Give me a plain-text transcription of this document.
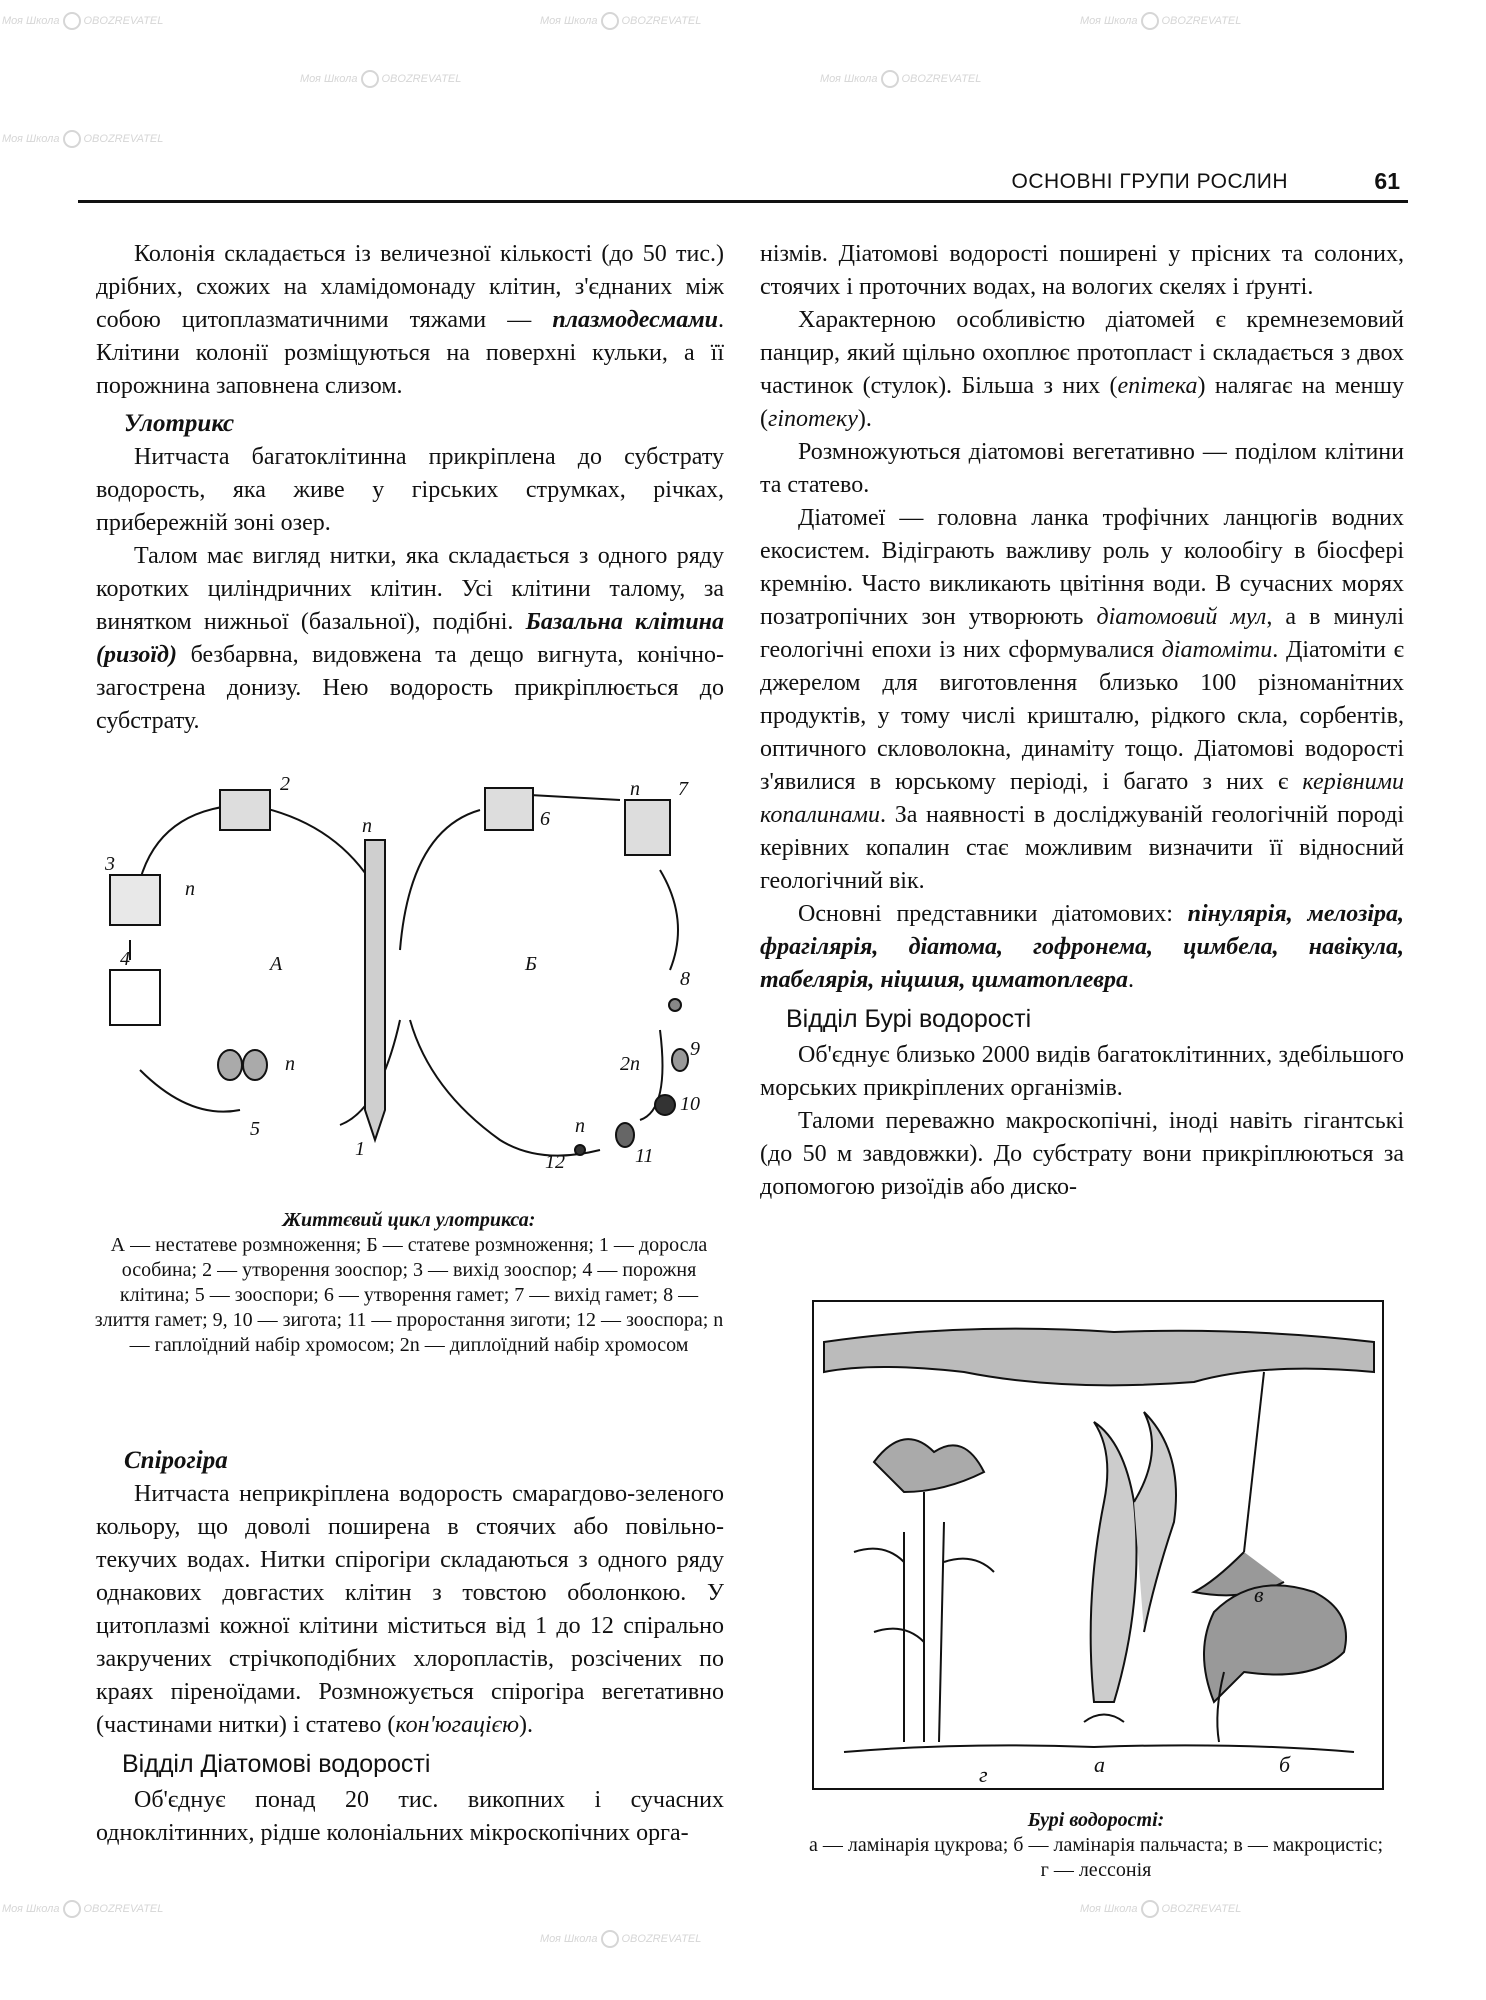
Моя Школа OBOZREVATEL	Моя Школа OBOZREVATEL	Моя Школа OBOZREVATEL
Моя Школа OBOZREVATEL	Моя Школа OBOZREVATEL
Моя Школа OBOZREVATEL
Моя Школа OBOZREVATEL
Моя Школа OBOZREVATEL
Моя Школа OBOZREVATEL
ОСНОВНІ ГРУПИ РОСЛИН	61

Колонія складається із величезної кількості (до 50 тис.) дрібних, схожих на хламідомонаду клітин, з'єднаних між собою цитоплазматичними тяжами — плазмодесмами. Клітини колонії розміщуються на поверхні кульки, а її порожнина заповнена слизом.

Улотрикс

Нитчаста багатоклітинна прикріплена до субстрату водорость, яка живе у гірських струмках, річках, прибережній зоні озер.

Талом має вигляд нитки, яка складається з одного ряду коротких циліндричних клітин. Усі клітини талому, за винятком нижньої (базальної), подібні. Базальна клітина (ризоїд) безбарвна, видовжена та дещо вигнута, конічно-загострена донизу. Нею водорость прикріплюється до субстрату.

2
3
4
5
1
6
7
8
9
10
11
12
n
n
n
n
n
2n
А	Б
Життєвий цикл улотрикса:
А — нестатеве розмноження; Б — статеве розмноження; 1 — доросла особина; 2 — утворення зооспор; 3 — вихід зооспор; 4 — порожня клітина; 5 — зооспори; 6 — утворення гамет; 7 — вихід гамет; 8 — злиття гамет; 9, 10 — зигота; 11 — проростання зиготи; 12 — зооспора; n — гаплоїдний набір хромосом; 2n — диплоїдний набір хромосом
Спірогіра

Нитчаста неприкріплена водорость смарагдово-зеленого кольору, що доволі поширена в стоячих або повільно-текучих водах. Нитки спірогіри складаються з одного ряду однакових довгастих клітин з товстою оболонкою. У цитоплазмі кожної клітини міститься від 1 до 12 спірально закручених стрічкоподібних хлоропластів, розсічених по краях піреноїдами. Розмножується спірогіра вегетативно (частинами нитки) і статево (кон'югацією).

Відділ Діатомові водорості

Об'єднує понад 20 тис. викопних і сучасних одноклітинних, рідше колоніальних мікроскопічних орга-

нізмів. Діатомові водорості поширені у прісних та солоних, стоячих і проточних водах, на вологих скелях і ґрунті.

Характерною особливістю діатомей є кремнеземовий панцир, який щільно охоплює протопласт і складається з двох частинок (стулок). Більша з них (епітека) налягає на меншу (гіпотеку).

Розмножуються діатомові вегетативно — поділом клітини та статево.

Діатомеї — головна ланка трофічних ланцюгів водних екосистем. Відіграють важливу роль у колообігу в біосфері кремнію. Часто викликають цвітіння води. В сучасних морях позатропічних зон утворюють діатомовий мул, а в минулі геологічні епохи із них сформувалися діатоміти. Діатоміти є джерелом для виготовлення близько 100 різноманітних продуктів, у тому числі кришталю, рідкого скла, сорбентів, оптичного скловолокна, динаміту тощо. Діатомові водорості з'явилися в юрському періоді, і багато з них є керівними копалинами. За наявності в досліджуваній геологічній породі керівних копалин стає можливим визначити її відносний геологічний вік.

Основні представники діатомових: пінулярія, мелозіра, фрагілярія, діатома, гофронема, цимбела, навікула, табелярія, ніцшия, циматоплевра.

Відділ Бурі водорості

Об'єднує близько 2000 видів багатоклітинних, здебільшого морських прикріплених організмів.

Таломи переважно макроскопічні, іноді навіть гігантські (до 50 м завдовжки). До субстрату вони прикріплюються за допомогою ризоїдів або диско-

а	б
в
г
Бурі водорості:
а — ламінарія цукрова; б — ламінарія пальчаста; в — макроцистіс; г — лессонія
